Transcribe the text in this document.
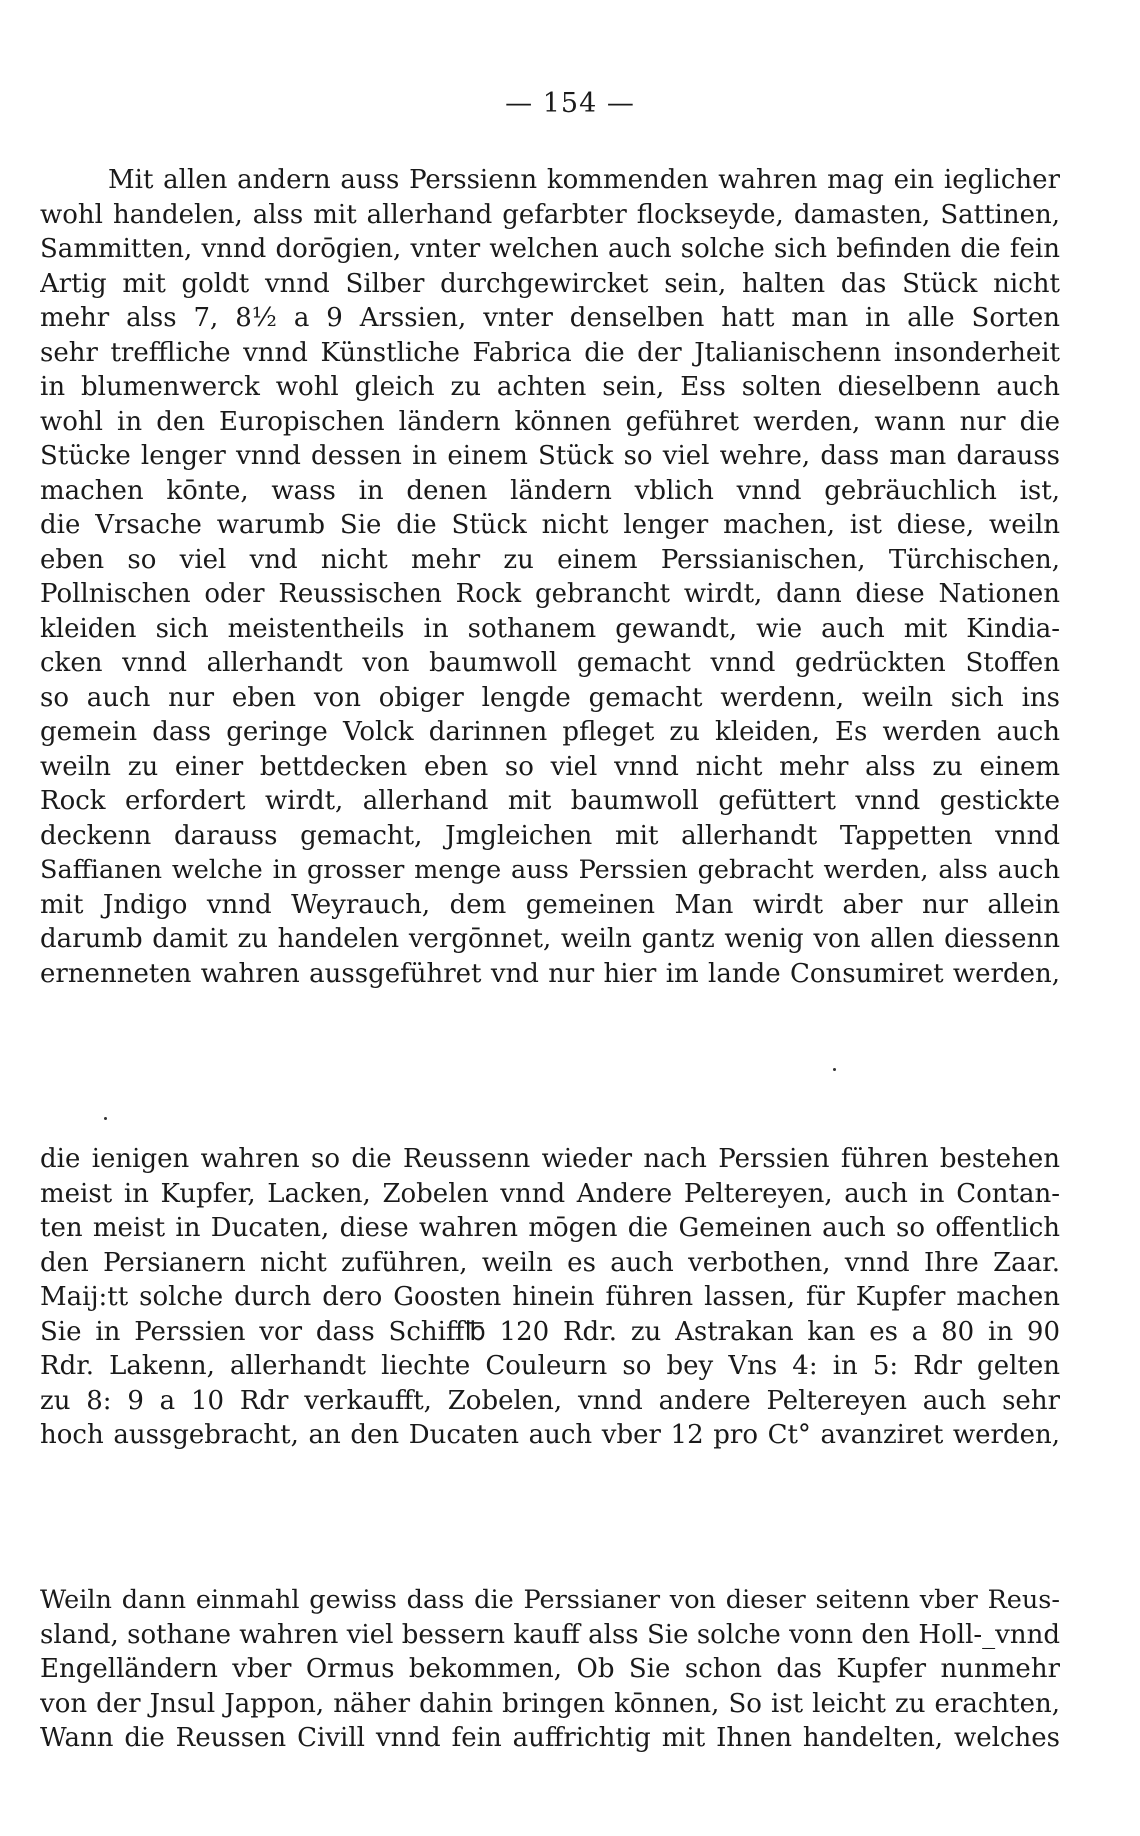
— 154 —
Mit allen andern auss Perssienn kommenden wahren mag ein ieglicher
wohl handelen, alss mit allerhand gefarbter flockseyde, damasten, Sattinen,
Sammitten, vnnd dorōgien, vnter welchen auch solche sich befinden die fein
Artig mit goldt vnnd Silber durchgewircket sein, halten das Stück nicht
mehr alss 7, 8½ a 9 Arssien, vnter denselben hatt man in alle Sorten
sehr treffliche vnnd Künstliche Fabrica die der Jtalianischenn insonderheit
in blumenwerck wohl gleich zu achten sein, Ess solten dieselbenn auch
wohl in den Europischen ländern können geführet werden, wann nur die
Stücke lenger vnnd dessen in einem Stück so viel wehre, dass man darauss
machen kōnte, wass in denen ländern vblich vnnd gebräuchlich ist,
die Vrsache warumb Sie die Stück nicht lenger machen, ist diese, weiln
eben so viel vnd nicht mehr zu einem Perssianischen, Türchischen,
Pollnischen oder Reussischen Rock gebrancht wirdt, dann diese Nationen
kleiden sich meistentheils in sothanem gewandt, wie auch mit Kindia-
cken vnnd allerhandt von baumwoll gemacht vnnd gedrückten Stoffen
so auch nur eben von obiger lengde gemacht werdenn, weiln sich ins
gemein dass geringe Volck darinnen pfleget zu kleiden, Es werden auch
weiln zu einer bettdecken eben so viel vnnd nicht mehr alss zu einem
Rock erfordert wirdt, allerhand mit baumwoll gefüttert vnnd gestickte
deckenn darauss gemacht, Jmgleichen mit allerhandt Tappetten vnnd
Saffianen welche in grosser menge auss Perssien gebracht werden, alss auch
mit Jndigo vnnd Weyrauch, dem gemeinen Man wirdt aber nur allein
darumb damit zu handelen vergōnnet, weiln gantz wenig von allen diessenn
ernenneten wahren aussgeführet vnd nur hier im lande Consumiret werden,
die ienigen wahren so die Reussenn wieder nach Perssien führen bestehen
meist in Kupfer, Lacken, Zobelen vnnd Andere Peltereyen, auch in Contan-
ten meist in Ducaten, diese wahren mōgen die Gemeinen auch so offentlich
den Persianern nicht zuführen, weiln es auch verbothen, vnnd Ihre Zaar.
Maij:tt solche durch dero Goosten hinein führen lassen, für Kupfer machen
Sie in Perssien vor dass Schiff℔ 120 Rdr. zu Astrakan kan es a 80 in 90
Rdr. Lakenn, allerhandt liechte Couleurn so bey Vns 4: in 5: Rdr gelten
zu 8: 9 a 10 Rdr verkaufft, Zobelen, vnnd andere Peltereyen auch sehr
hoch aussgebracht, an den Ducaten auch vber 12 pro Ct° avanziret werden,
Weiln dann einmahl gewiss dass die Perssianer von dieser seitenn vber Reus-
sland, sothane wahren viel bessern kauff alss Sie solche vonn den Holl-_vnnd
Engelländern vber Ormus bekommen, Ob Sie schon das Kupfer nunmehr
von der Jnsul Jappon, näher dahin bringen kōnnen, So ist leicht zu erachten,
Wann die Reussen Civill vnnd fein auffrichtig mit Ihnen handelten, welches
